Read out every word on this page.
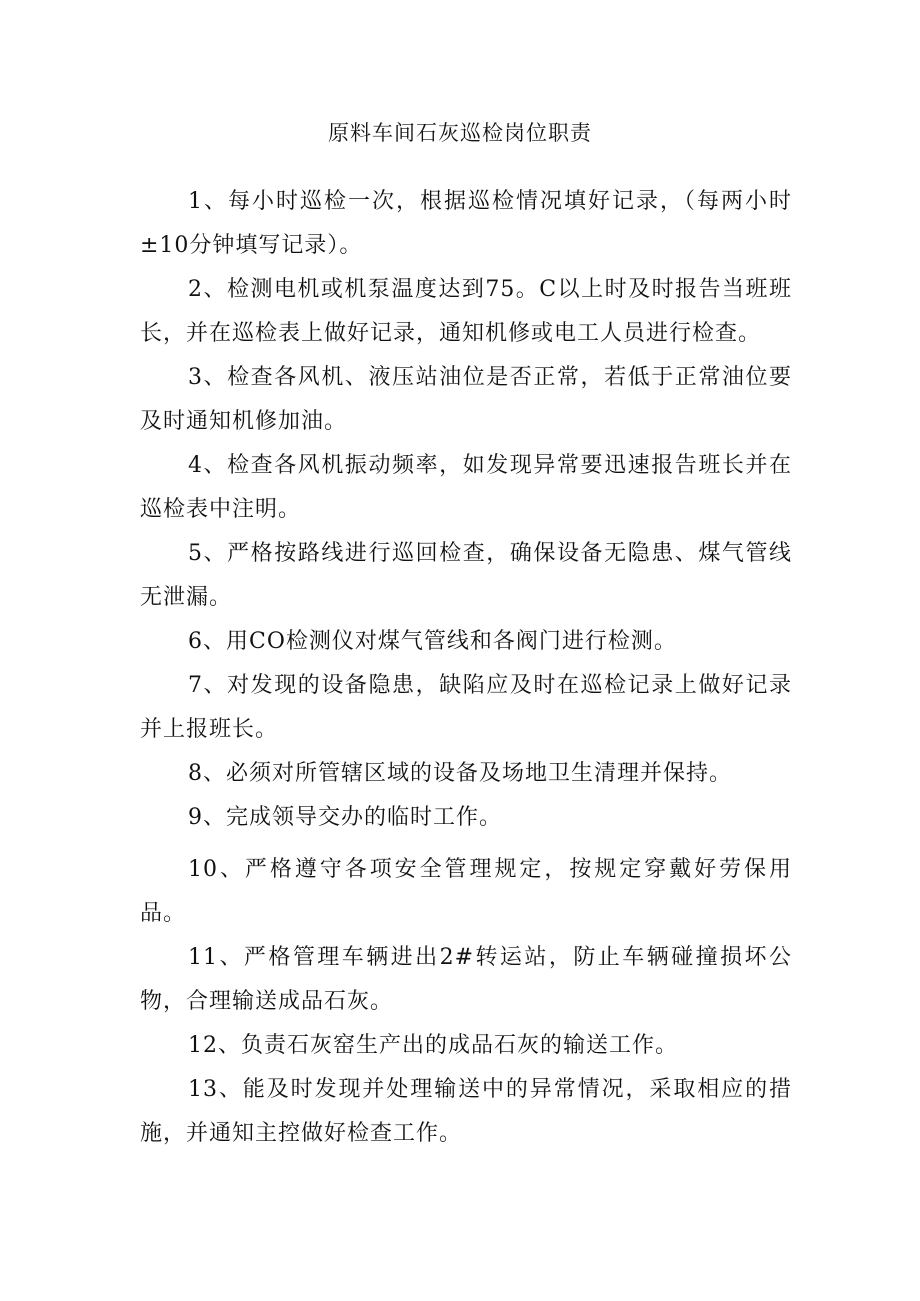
原料车间石灰巡检岗位职责

1、每小时巡检一次，根据巡检情况填好记录，（每两小时±10分钟填写记录）。

2、检测电机或机泵温度达到75。C以上时及时报告当班班长，并在巡检表上做好记录，通知机修或电工人员进行检查。

3、检查各风机、液压站油位是否正常，若低于正常油位要及时通知机修加油。

4、检查各风机振动频率，如发现异常要迅速报告班长并在巡检表中注明。

5、严格按路线进行巡回检查，确保设备无隐患、煤气管线无泄漏。

6、用CO检测仪对煤气管线和各阀门进行检测。

7、对发现的设备隐患，缺陷应及时在巡检记录上做好记录并上报班长。

8、必须对所管辖区域的设备及场地卫生清理并保持。

9、完成领导交办的临时工作。

10、严格遵守各项安全管理规定，按规定穿戴好劳保用品。

11、严格管理车辆进出2#转运站，防止车辆碰撞损坏公物，合理输送成品石灰。

12、负责石灰窑生产出的成品石灰的输送工作。

13、能及时发现并处理输送中的异常情况，采取相应的措施，并通知主控做好检查工作。
